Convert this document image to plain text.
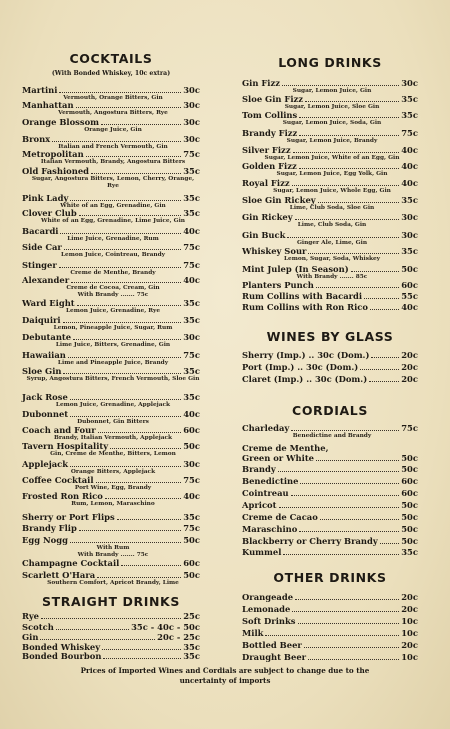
COCKTAILS
(With Bonded Whiskey, 10c extra)
Martini	30c
Vermouth, Orange Bitters, Gin
Manhattan	30c
Vermouth, Angostura Bitters, Rye
Orange Blossom	30c
Orange Juice, Gin
Bronx	30c
Italian and French Vermouth, Gin
Metropolitan	75c
Italian Vermouth, Brandy, Angostura Bitters
Old Fashioned	35c
Sugar, Angostura Bitters, Lemon, Cherry, Orange, Rye
Pink Lady	35c
White of an Egg, Grenadine, Gin
Clover Club	35c
White of an Egg, Grenadine, Lime Juice, Gin
Bacardi	40c
Lime Juice, Grenadine, Rum
Side Car	75c
Lemon Juice, Cointreau, Brandy
Stinger	75c
Creme de Menthe, Brandy
Alexander	40c
Creme de Cocoa, Cream, Gin
With Brandy ....... 75c
Ward Eight	35c
Lemon Juice, Grenadine, Rye
Daiquiri	35c
Lemon, Pineapple Juice, Sugar, Rum
Debutante	30c
Lime Juice, Bitters, Grenadine, Gin
Hawaiian	75c
Lime and Pineapple Juice, Brandy
Sloe Gin	35c
Syrup, Angostura Bitters, French Vermouth, Sloe Gin
Jack Rose	35c
Lemon Juice, Grenadine, Applejack
Dubonnet	40c
Dubonnet, Gin Bitters
Coach and Four	60c
Brandy, Italian Vermouth, Applejack
Tavern Hospitality	50c
Gin, Creme de Menthe, Bitters, Lemon
Applejack	30c
Orange Bitters, Applejack
Coffee Cocktail	75c
Port Wine, Egg, Brandy
Frosted Ron Rico	40c
Rum, Lemon, Maraschino
Sherry or Port Flips	35c
Brandy Flip	75c
Egg Nogg	50c
With Rum
With Brandy ....... 75c
Champagne Cocktail	60c
Scarlett O'Hara	50c
Southern Comfort, Apricot Brandy, Lime
STRAIGHT DRINKS
Rye	25c
Scotch	35c - 40c - 50c
Gin	20c - 25c
Bonded Whiskey	35c
Bonded Bourbon	35c
LONG DRINKS
Gin Fizz	30c
Sugar, Lemon Juice, Gin
Sloe Gin Fizz	35c
Sugar, Lemon Juice, Sloe Gin
Tom Collins	35c
Sugar, Lemon Juice, Soda, Gin
Brandy Fizz	75c
Sugar, Lemon Juice, Brandy
Silver Fizz	40c
Sugar, Lemon Juice, White of an Egg, Gin
Golden Fizz	40c
Sugar, Lemon Juice, Egg Yolk, Gin
Royal Fizz	40c
Sugar, Lemon Juice, Whole Egg, Gin
Sloe Gin Rickey	35c
Lime, Club Soda, Sloe Gin
Gin Rickey	30c
Lime, Club Soda, Gin
Gin Buck	30c
Ginger Ale, Lime, Gin
Whiskey Sour	35c
Lemon, Sugar, Soda, Whiskey
Mint Julep (In Season)	50c
With Brandy ....... 85c
Planters Punch	60c
Rum Collins with Bacardi	55c
Rum Collins with Ron Rico	40c
WINES BY GLASS
Sherry (Imp.) .. 30c (Dom.)	20c
Port (Imp.) .. 30c (Dom.)	20c
Claret (Imp.) .. 30c (Dom.)	20c
CORDIALS
Charleday	75c
Benedictine and Brandy
Creme de Menthe,
Green or White	50c
Brandy	50c
Benedictine	60c
Cointreau	60c
Apricot	50c
Creme de Cacao	50c
Maraschino	50c
Blackberry or Cherry Brandy	50c
Kummel	35c
OTHER DRINKS
Orangeade	20c
Lemonade	20c
Soft Drinks	10c
Milk	10c
Bottled Beer	20c
Draught Beer	10c
Prices of Imported Wines and Cordials are subject to change due to the uncertainty of imports
